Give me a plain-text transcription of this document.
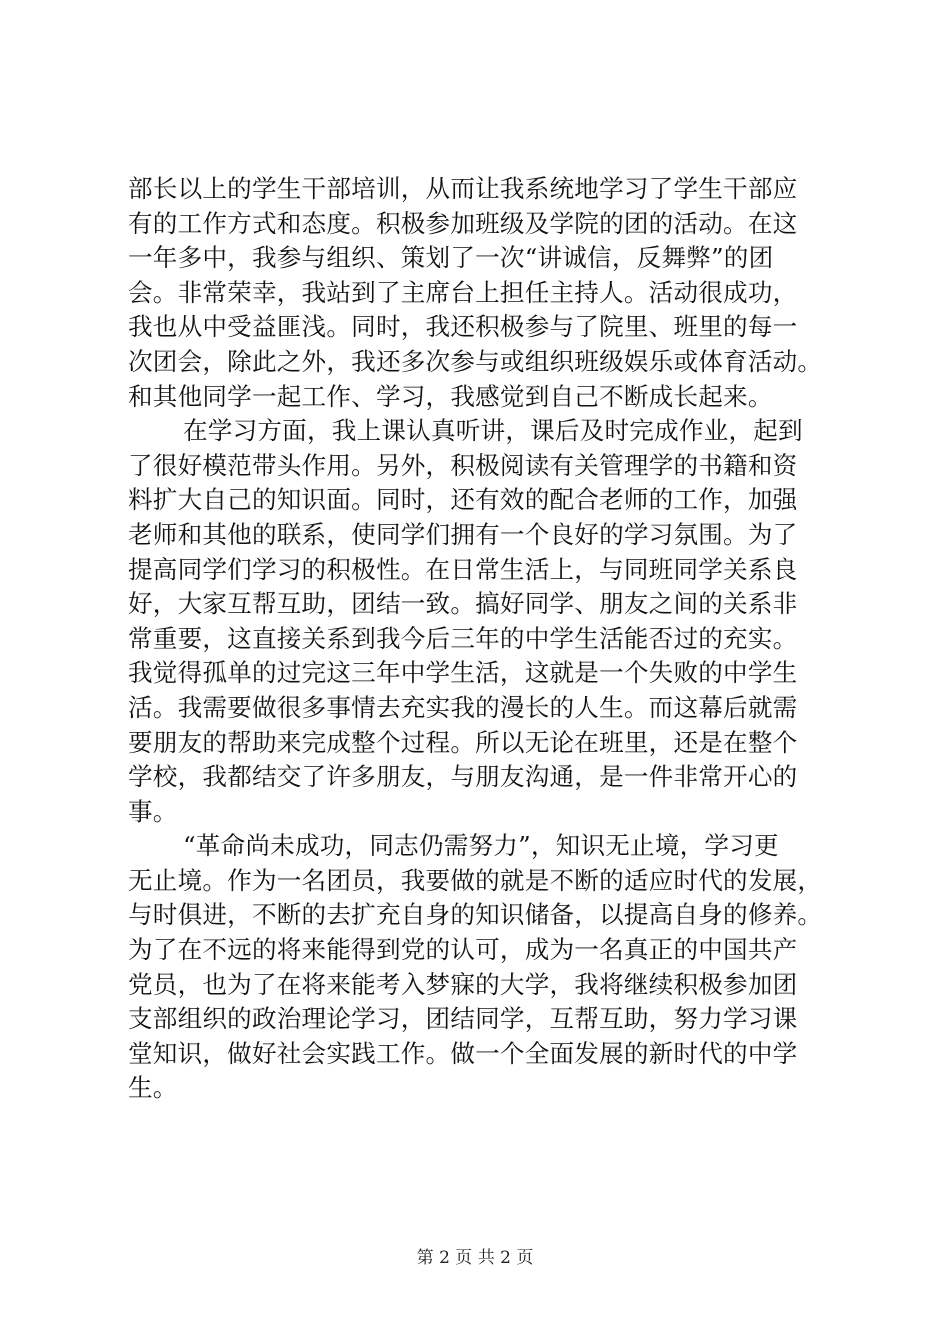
部长以上的学生干部培训，从而让我系统地学习了学生干部应
有的工作方式和态度。积极参加班级及学院的团的活动。在这
一年多中，我参与组织、策划了一次“讲诚信，反舞弊”的团
会。非常荣幸，我站到了主席台上担任主持人。活动很成功，
我也从中受益匪浅。同时，我还积极参与了院里、班里的每一
次团会，除此之外，我还多次参与或组织班级娱乐或体育活动。
和其他同学一起工作、学习，我感觉到自己不断成长起来。
在学习方面，我上课认真听讲，课后及时完成作业，起到
了很好模范带头作用。另外，积极阅读有关管理学的书籍和资
料扩大自己的知识面。同时，还有效的配合老师的工作，加强
老师和其他的联系，使同学们拥有一个良好的学习氛围。为了
提高同学们学习的积极性。在日常生活上，与同班同学关系良
好，大家互帮互助，团结一致。搞好同学、朋友之间的关系非
常重要，这直接关系到我今后三年的中学生活能否过的充实。
我觉得孤单的过完这三年中学生活，这就是一个失败的中学生
活。我需要做很多事情去充实我的漫长的人生。而这幕后就需
要朋友的帮助来完成整个过程。所以无论在班里，还是在整个
学校，我都结交了许多朋友，与朋友沟通，是一件非常开心的
事。
“革命尚未成功，同志仍需努力”，知识无止境，学习更
无止境。作为一名团员，我要做的就是不断的适应时代的发展，
与时俱进，不断的去扩充自身的知识储备，以提高自身的修养。
为了在不远的将来能得到党的认可，成为一名真正的中国共产
党员，也为了在将来能考入梦寐的大学，我将继续积极参加团
支部组织的政治理论学习，团结同学，互帮互助，努力学习课
堂知识，做好社会实践工作。做一个全面发展的新时代的中学
生。
第 2 页 共 2 页
